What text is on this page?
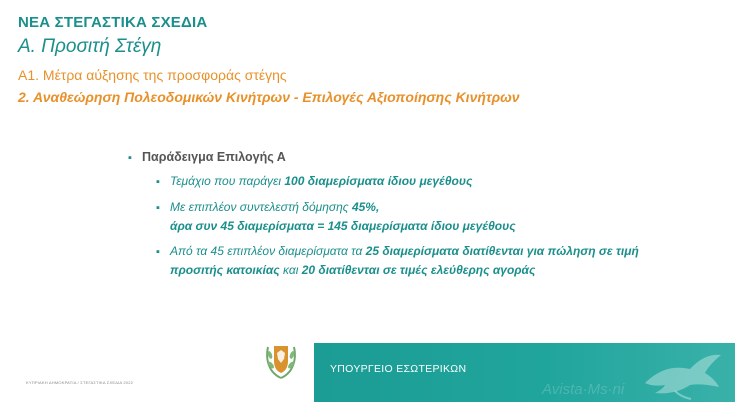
ΝΕΑ ΣΤΕΓΑΣΤΙΚΑ ΣΧΕΔΙΑ
Α. Προσιτή Στέγη
Α1. Μέτρα αύξησης της προσφοράς στέγης
2. Αναθεώρηση Πολεοδομικών Κινήτρων - Επιλογές Αξιοποίησης Κινήτρων
▪ Παράδειγμα Επιλογής Α
▪ Τεμάχιο που παράγει 100 διαμερίσματα ίδιου μεγέθους
▪ Με επιπλέον συντελεστή δόμησης 45%,
άρα συν 45 διαμερίσματα = 145 διαμερίσματα ίδιου μεγέθους
▪ Από τα 45 επιπλέον διαμερίσματα τα 25 διαμερίσματα διατίθενται για πώληση σε τιμή προσιτής κατοικίας και 20 διατίθενται σε τιμές ελεύθερης αγοράς
ΚΥΠΡΙΑΚΗ ΔΗΜΟΚΡΑΤΙΑ / ΣΤΕΓΑΣΤΙΚΑ ΣΧΕΔΙΑ 2022
ΥΠΟΥΡΓΕΙΟ ΕΣΩΤΕΡΙΚΩΝ
Avista·Ms·ni
